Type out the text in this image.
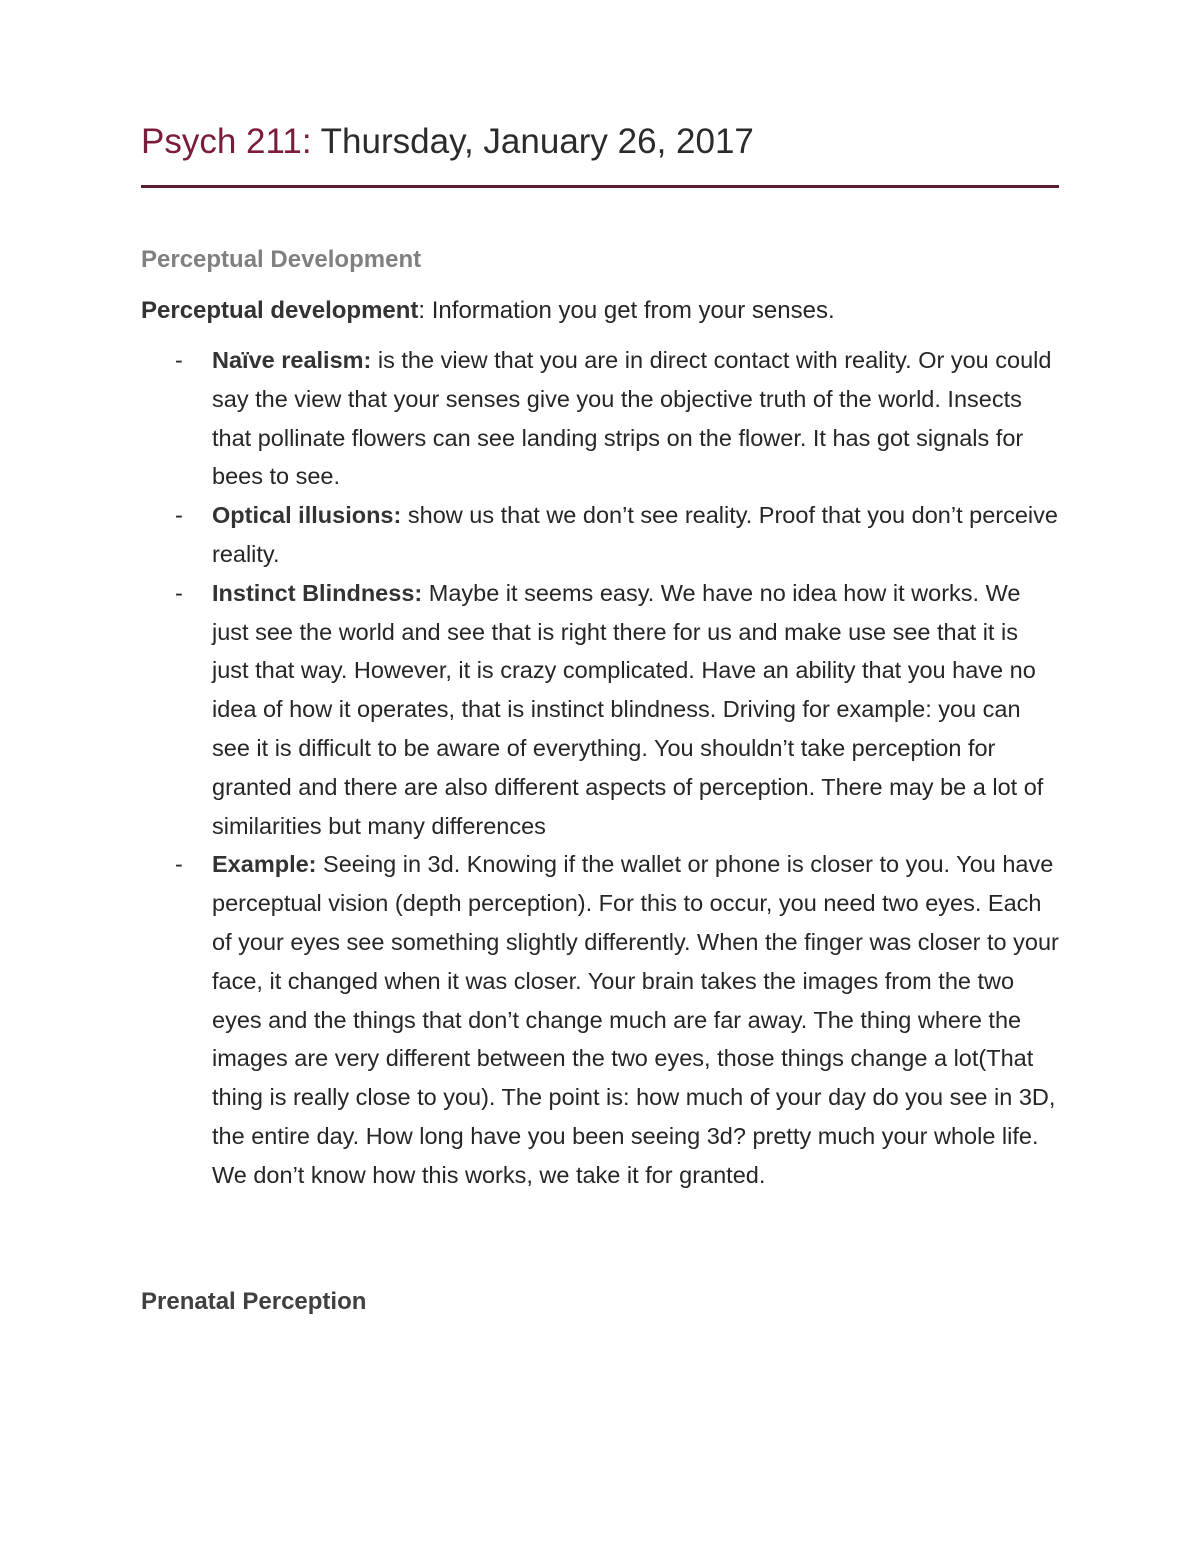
Psych 211: Thursday, January 26, 2017
Perceptual Development

Perceptual development: Information you get from your senses.

- Naïve realism: is the view that you are in direct contact with reality. Or you could say the view that your senses give you the objective truth of the world. Insects that pollinate flowers can see landing strips on the flower. It has got signals for bees to see.
- Optical illusions: show us that we don’t see reality. Proof that you don’t perceive reality.
- Instinct Blindness: Maybe it seems easy. We have no idea how it works. We just see the world and see that is right there for us and make use see that it is just that way. However, it is crazy complicated. Have an ability that you have no idea of how it operates, that is instinct blindness. Driving for example: you can see it is difficult to be aware of everything. You shouldn’t take perception for granted and there are also different aspects of perception. There may be a lot of similarities but many differences
- Example: Seeing in 3d. Knowing if the wallet or phone is closer to you. You have perceptual vision (depth perception). For this to occur, you need two eyes. Each of your eyes see something slightly differently. When the finger was closer to your face, it changed when it was closer. Your brain takes the images from the two eyes and the things that don’t change much are far away. The thing where the images are very different between the two eyes, those things change a lot(That thing is really close to you). The point is: how much of your day do you see in 3D, the entire day. How long have you been seeing 3d? pretty much your whole life. We don’t know how this works, we take it for granted.
Prenatal Perception
